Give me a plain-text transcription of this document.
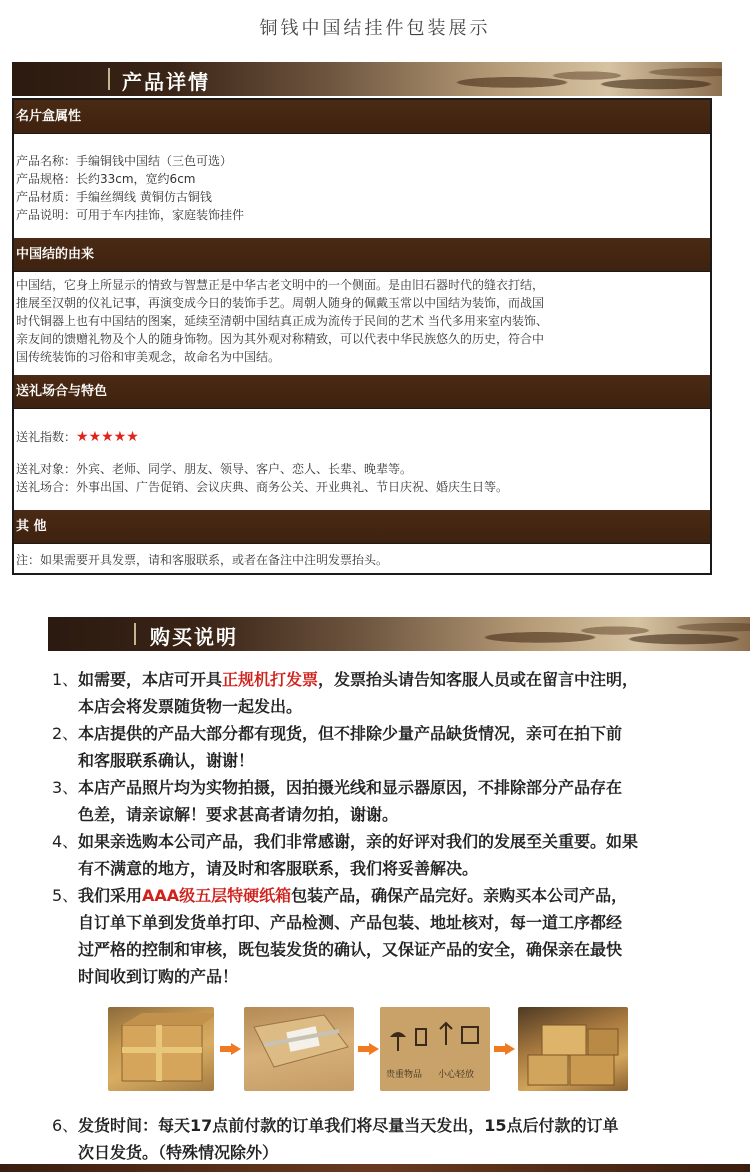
铜钱中国结挂件包装展示
产品详情
名片盒属性
产品名称：手编铜钱中国结（三色可选）
产品规格：长约33cm，宽约6cm
产品材质：手编丝绸线 黄铜仿古铜钱
产品说明：可用于车内挂饰，家庭装饰挂件
中国结的由来
中国结，它身上所显示的情致与智慧正是中华古老文明中的一个侧面。是由旧石器时代的缝衣打结，
推展至汉朝的仪礼记事，再演变成今日的装饰手艺。周朝人随身的佩戴玉常以中国结为装饰，而战国
时代铜器上也有中国结的图案，延续至清朝中国结真正成为流传于民间的艺术 当代多用来室内装饰、
亲友间的馈赠礼物及个人的随身饰物。因为其外观对称精致，可以代表中华民族悠久的历史，符合中
国传统装饰的习俗和审美观念，故命名为中国结。
送礼场合与特色
送礼指数：★★★★★
送礼对象：外宾、老师、同学、朋友、领导、客户、恋人、长辈、晚辈等。
送礼场合：外事出国、广告促销、会议庆典、商务公关、开业典礼、节日庆祝、婚庆生日等。
其 他
注：如果需要开具发票，请和客服联系，或者在备注中注明发票抬头。
购买说明
1、如需要，本店可开具正规机打发票，发票抬头请告知客服人员或在留言中注明，
本店会将发票随货物一起发出。
2、本店提供的产品大部分都有现货，但不排除少量产品缺货情况，亲可在拍下前
和客服联系确认，谢谢！
3、本店产品照片均为实物拍摄，因拍摄光线和显示器原因，不排除部分产品存在
色差，请亲谅解！要求甚高者请勿拍，谢谢。
4、如果亲选购本公司产品，我们非常感谢，亲的好评对我们的发展至关重要。如果
有不满意的地方，请及时和客服联系，我们将妥善解决。
5、我们采用AAA级五层特硬纸箱包装产品，确保产品完好。亲购买本公司产品，
自订单下单到发货单打印、产品检测、产品包装、地址核对，每一道工序都经
过严格的控制和审核，既包装发货的确认，又保证产品的安全，确保亲在最快
时间收到订购的产品！
贵重物品 小心轻放
6、发货时间：每天17点前付款的订单我们将尽量当天发出，15点后付款的订单
次日发货。（特殊情况除外）
